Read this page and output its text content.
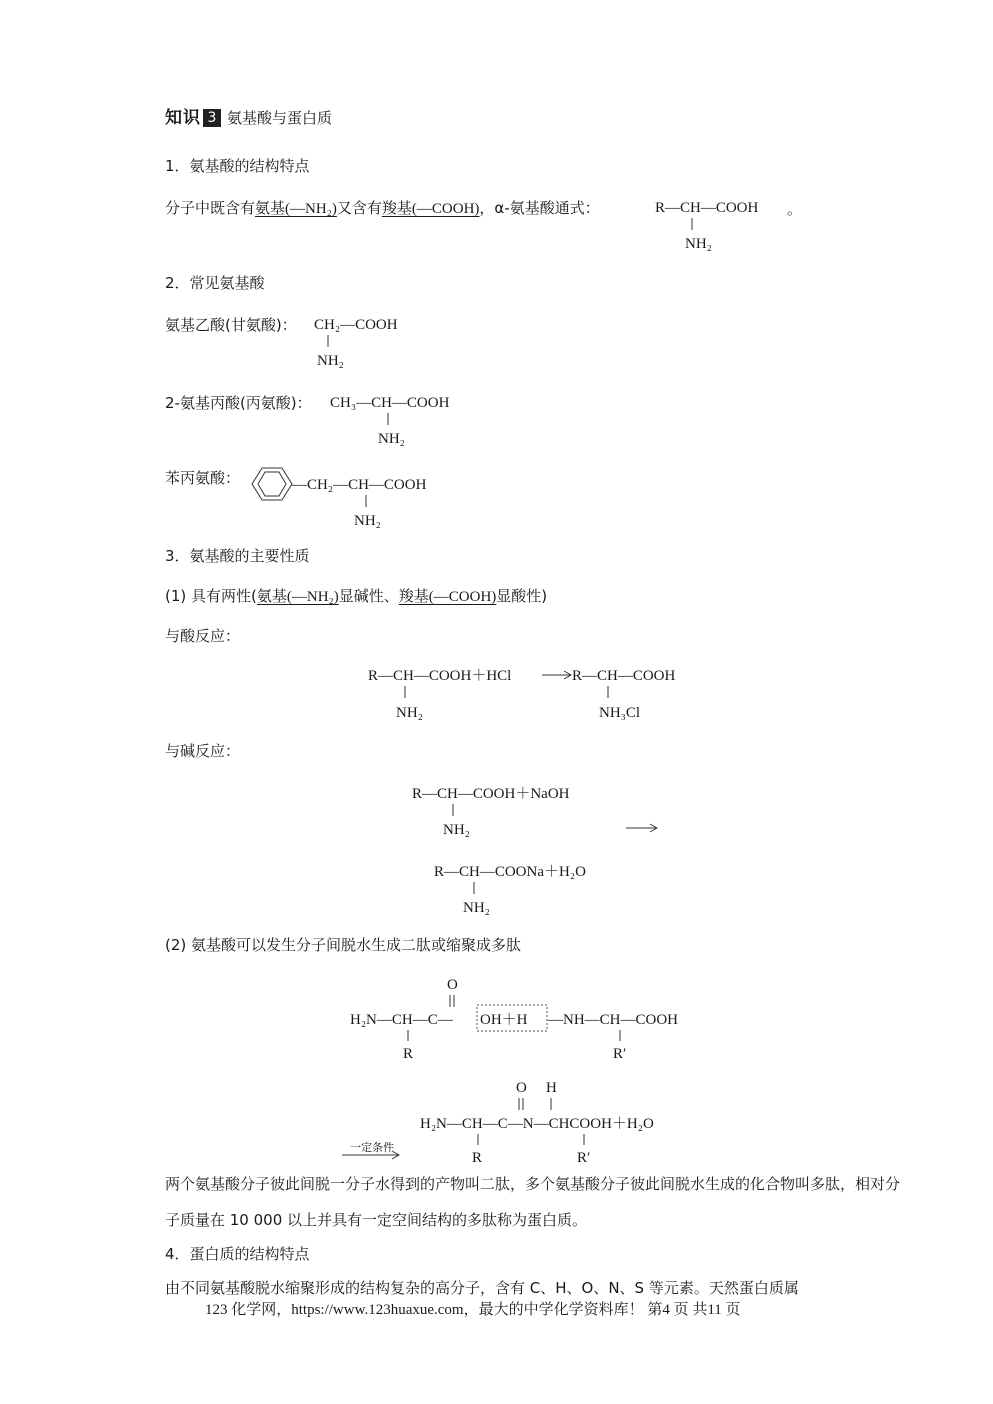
知识 3 氨基酸与蛋白质
1．氨基酸的结构特点
分子中既含有氨基(—NH₂)又含有羧基(—COOH)，α-氨基酸通式：	R—CH—COOH
NH₂
。
2．常见氨基酸
氨基乙酸(甘氨酸)： CH₂—COOH
NH₂
2-氨基丙酸(丙氨酸)： CH₃—CH—COOH
NH₂
苯丙氨酸：	—CH₂—CH—COOH
NH₂
3．氨基酸的主要性质
(1) 具有两性(氨基(—NH₂)显碱性、羧基(—COOH)显酸性)
与酸反应：
R—CH—COOH＋HCl
NH₂
R—CH—COOH
NH₃Cl
与碱反应：
R—CH—COOH＋NaOH
NH₂
R—CH—COONa＋H₂O
NH₂
(2) 氨基酸可以发生分子间脱水生成二肽或缩聚成多肽
O
H₂N—CH—C— OH＋H —NH—CH—COOH
R	R′
O H
H₂N—CH—C—N—CHCOOH＋H₂O
R	R′
一定条件
两个氨基酸分子彼此间脱一分子水得到的产物叫二肽，多个氨基酸分子彼此间脱水生成的化合物叫多肽，相对分子质量在 10 000 以上并具有一定空间结构的多肽称为蛋白质。
4．蛋白质的结构特点
由不同氨基酸脱水缩聚形成的结构复杂的高分子，含有 C、H、O、N、S 等元素。天然蛋白质属
123 化学网，https://www.123huaxue.com，最大的中学化学资料库！ 第4 页 共11 页
